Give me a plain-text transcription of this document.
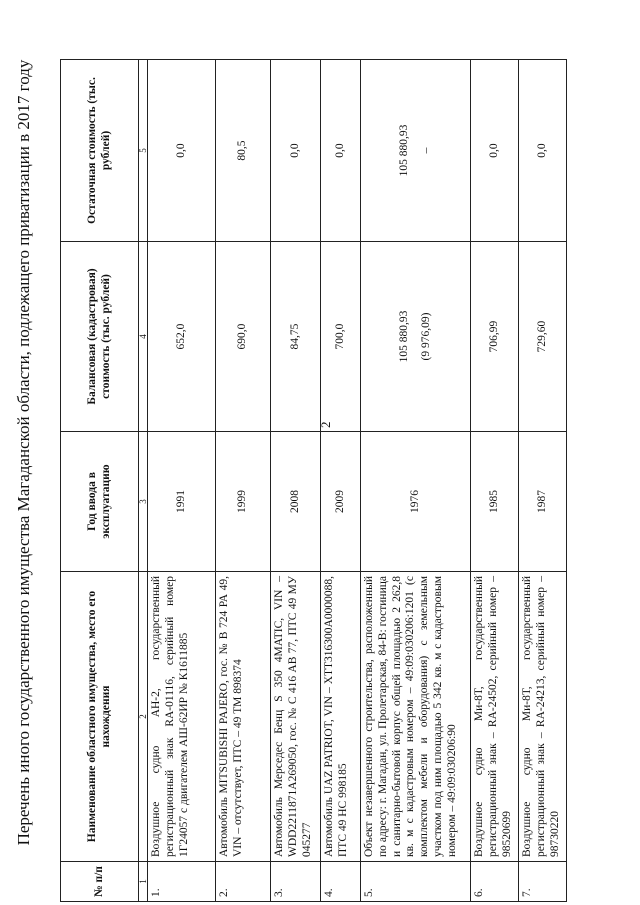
2
Перечень иного государственного имущества Магаданской области, подлежащего приватизации в 2017 году
№ п/п	Наименование областного имущества, место его нахождения	Год ввода в эксплуатацию	Балансовая (кадастровая) стоимость (тыс. рублей)	Остаточная стоимость (тыс. рублей)
1	2	3	4	5
1.	Воздушное судно АН-2, государственный регистрационный знак RA-01116, серийный номер 1Г24057 с двигателем АШ-62ИР № К1611885	1991	652,0	0,0
2.	Автомобиль MITSUBISHI PAJERO, гос. № В 724 РА 49, VIN – отсутствует, ПТС – 49 ТМ 898374	1999	690,0	80,5
3.	Автомобиль Мерседес Бенц S 350 4MATIC, VIN – WDD2211871A269050, гос. № С 416 АВ 77, ПТС 49 МУ 045277	2008	84,75	0,0
4.	Автомобиль UAZ PATRIOT, VIN – ХТТ316300А0000088, ПТС 49 НС 998185	2009	700,0	0,0
5.	Объект незавершенного строительства, расположенный по адресу: г. Магадан, ул. Пролетарская, 84-В: гостиница и санитарно-бытовой корпус общей площадью 2 262,8 кв. м с кадастровым номером – 49:09:030206:1201 (с комплектом мебели и оборудования) с земельным участком под ним площадью 5 342 кв. м с кадастровым номером – 49:09:030206:90	1976	105 880,93 (9 976,09)	105 880,93 –

6.	Воздушное судно Ми-8Т, государственный регистрационный знак – RA-24502, серийный номер – 98520699	1985	706,99	0,0
7.	Воздушное судно Ми-8Т, государственный регистрационный знак – RA-24213, серийный номер – 98730220	1987	729,60	0,0
